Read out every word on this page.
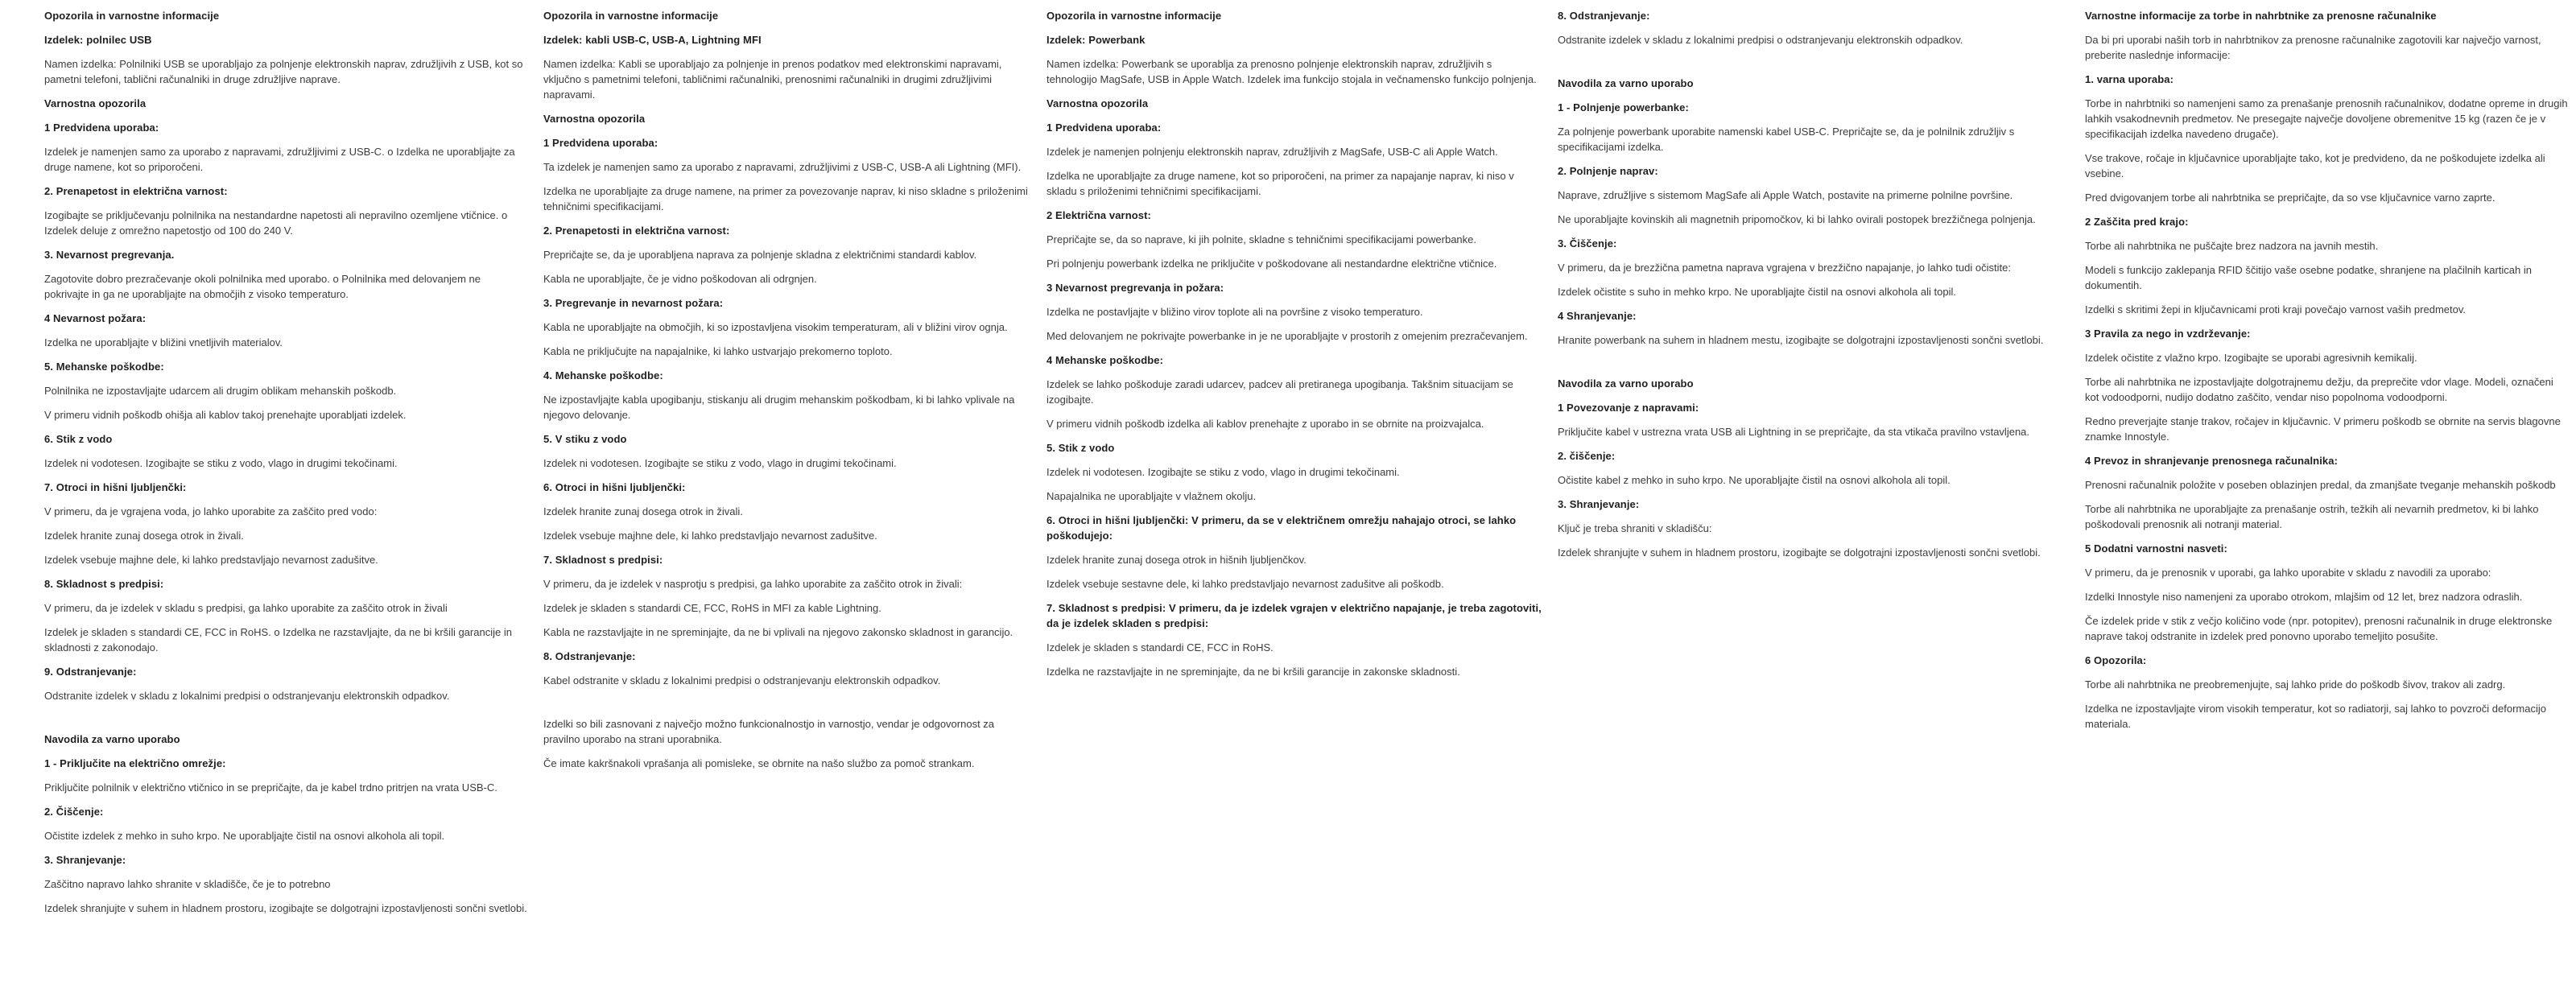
Opozorila in varnostne informacije
Izdelek: polnilec USB
Namen izdelka: Polnilniki USB se uporabljajo za polnjenje elektronskih naprav, združljivih z USB, kot so pametni telefoni, tablični računalniki in druge združljive naprave.
Varnostna opozorila
1 Predvidena uporaba:
Izdelek je namenjen samo za uporabo z napravami, združljivimi z USB-C. o Izdelka ne uporabljajte za druge namene, kot so priporočeni.
2. Prenapetost in električna varnost:
Izogibajte se priključevanju polnilnika na nestandardne napetosti ali nepravilno ozemljene vtičnice. o Izdelek deluje z omrežno napetostjo od 100 do 240 V.
3. Nevarnost pregrevanja.
Zagotovite dobro prezračevanje okoli polnilnika med uporabo. o Polnilnika med delovanjem ne pokrivajte in ga ne uporabljajte na območjih z visoko temperaturo.
4 Nevarnost požara:
Izdelka ne uporabljajte v bližini vnetljivih materialov.
5. Mehanske poškodbe:
Polnilnika ne izpostavljajte udarcem ali drugim oblikam mehanskih poškodb.
V primeru vidnih poškodb ohišja ali kablov takoj prenehajte uporabljati izdelek.
6. Stik z vodo
Izdelek ni vodotesen. Izogibajte se stiku z vodo, vlago in drugimi tekočinami.
7. Otroci in hišni ljubljenčki:
V primeru, da je vgrajena voda, jo lahko uporabite za zaščito pred vodo:
Izdelek hranite zunaj dosega otrok in živali.
Izdelek vsebuje majhne dele, ki lahko predstavljajo nevarnost zadušitve.
8. Skladnost s predpisi:
V primeru, da je izdelek v skladu s predpisi, ga lahko uporabite za zaščito otrok in živali
Izdelek je skladen s standardi CE, FCC in RoHS. o Izdelka ne razstavljajte, da ne bi kršili garancije in skladnosti z zakonodajo.
9. Odstranjevanje:
Odstranite izdelek v skladu z lokalnimi predpisi o odstranjevanju elektronskih odpadkov.
Navodila za varno uporabo
1 - Priključite na električno omrežje:
Priključite polnilnik v električno vtičnico in se prepričajte, da je kabel trdno pritrjen na vrata USB-C.
2. Čiščenje:
Očistite izdelek z mehko in suho krpo. Ne uporabljajte čistil na osnovi alkohola ali topil.
3. Shranjevanje:
Zaščitno napravo lahko shranite v skladišče, če je to potrebno
Izdelek shranjujte v suhem in hladnem prostoru, izogibajte se dolgotrajni izpostavljenosti sončni svetlobi.
Opozorila in varnostne informacije
Izdelek: kabli USB-C, USB-A, Lightning MFI
Namen izdelka: Kabli se uporabljajo za polnjenje in prenos podatkov med elektronskimi napravami, vključno s pametnimi telefoni, tabličnimi računalniki, prenosnimi računalniki in drugimi združljivimi napravami.
Varnostna opozorila
1 Predvidena uporaba:
Ta izdelek je namenjen samo za uporabo z napravami, združljivimi z USB-C, USB-A ali Lightning (MFI).
Izdelka ne uporabljajte za druge namene, na primer za povezovanje naprav, ki niso skladne s priloženimi tehničnimi specifikacijami.
2. Prenapetosti in električna varnost:
Prepričajte se, da je uporabljena naprava za polnjenje skladna z električnimi standardi kablov.
Kabla ne uporabljajte, če je vidno poškodovan ali odrgnjen.
3. Pregrevanje in nevarnost požara:
Kabla ne uporabljajte na območjih, ki so izpostavljena visokim temperaturam, ali v bližini virov ognja.
Kabla ne priključujte na napajalnike, ki lahko ustvarjajo prekomerno toploto.
4. Mehanske poškodbe:
Ne izpostavljajte kabla upogibanju, stiskanju ali drugim mehanskim poškodbam, ki bi lahko vplivale na njegovo delovanje.
5. V stiku z vodo
Izdelek ni vodotesen. Izogibajte se stiku z vodo, vlago in drugimi tekočinami.
6. Otroci in hišni ljubljenčki:
Izdelek hranite zunaj dosega otrok in živali.
Izdelek vsebuje majhne dele, ki lahko predstavljajo nevarnost zadušitve.
7. Skladnost s predpisi:
V primeru, da je izdelek v nasprotju s predpisi, ga lahko uporabite za zaščito otrok in živali:
Izdelek je skladen s standardi CE, FCC, RoHS in MFI za kable Lightning.
Kabla ne razstavljajte in ne spreminjajte, da ne bi vplivali na njegovo zakonsko skladnost in garancijo.
8. Odstranjevanje:
Kabel odstranite v skladu z lokalnimi predpisi o odstranjevanju elektronskih odpadkov.
Izdelki so bili zasnovani z največjo možno funkcionalnostjo in varnostjo, vendar je odgovornost za pravilno uporabo na strani uporabnika.
Če imate kakršnakoli vprašanja ali pomisleke, se obrnite na našo službo za pomoč strankam.
Opozorila in varnostne informacije
Izdelek: Powerbank
Namen izdelka: Powerbank se uporablja za prenosno polnjenje elektronskih naprav, združljivih s tehnologijo MagSafe, USB in Apple Watch. Izdelek ima funkcijo stojala in večnamensko funkcijo polnjenja.
Varnostna opozorila
1 Predvidena uporaba:
Izdelek je namenjen polnjenju elektronskih naprav, združljivih z MagSafe, USB-C ali Apple Watch.
Izdelka ne uporabljajte za druge namene, kot so priporočeni, na primer za napajanje naprav, ki niso v skladu s priloženimi tehničnimi specifikacijami.
2 Električna varnost:
Prepričajte se, da so naprave, ki jih polnite, skladne s tehničnimi specifikacijami powerbanke.
Pri polnjenju powerbank izdelka ne priključite v poškodovane ali nestandardne električne vtičnice.
3 Nevarnost pregrevanja in požara:
Izdelka ne postavljajte v bližino virov toplote ali na površine z visoko temperaturo.
Med delovanjem ne pokrivajte powerbanke in je ne uporabljajte v prostorih z omejenim prezračevanjem.
4 Mehanske poškodbe:
Izdelek se lahko poškoduje zaradi udarcev, padcev ali pretiranega upogibanja. Takšnim situacijam se izogibajte.
V primeru vidnih poškodb izdelka ali kablov prenehajte z uporabo in se obrnite na proizvajalca.
5. Stik z vodo
Izdelek ni vodotesen. Izogibajte se stiku z vodo, vlago in drugimi tekočinami.
Napajalnika ne uporabljajte v vlažnem okolju.
6. Otroci in hišni ljubljenčki: V primeru, da se v električnem omrežju nahajajo otroci, se lahko poškodujejo:
Izdelek hranite zunaj dosega otrok in hišnih ljubljenčkov.
Izdelek vsebuje sestavne dele, ki lahko predstavljajo nevarnost zadušitve ali poškodb.
7. Skladnost s predpisi: V primeru, da je izdelek vgrajen v električno napajanje, je treba zagotoviti, da je izdelek skladen s predpisi:
Izdelek je skladen s standardi CE, FCC in RoHS.
Izdelka ne razstavljajte in ne spreminjajte, da ne bi kršili garancije in zakonske skladnosti.
8. Odstranjevanje:
Odstranite izdelek v skladu z lokalnimi predpisi o odstranjevanju elektronskih odpadkov.
Navodila za varno uporabo
1 - Polnjenje powerbanke:
Za polnjenje powerbank uporabite namenski kabel USB-C. Prepričajte se, da je polnilnik združljiv s specifikacijami izdelka.
2. Polnjenje naprav:
Naprave, združljive s sistemom MagSafe ali Apple Watch, postavite na primerne polnilne površine.
Ne uporabljajte kovinskih ali magnetnih pripomočkov, ki bi lahko ovirali postopek brezžičnega polnjenja.
3. Čiščenje:
V primeru, da je brezžična pametna naprava vgrajena v brezžično napajanje, jo lahko tudi očistite:
Izdelek očistite s suho in mehko krpo. Ne uporabljajte čistil na osnovi alkohola ali topil.
4 Shranjevanje:
Hranite powerbank na suhem in hladnem mestu, izogibajte se dolgotrajni izpostavljenosti sončni svetlobi.
Navodila za varno uporabo
1 Povezovanje z napravami:
Priključite kabel v ustrezna vrata USB ali Lightning in se prepričajte, da sta vtikača pravilno vstavljena.
2. čiščenje:
Očistite kabel z mehko in suho krpo. Ne uporabljajte čistil na osnovi alkohola ali topil.
3. Shranjevanje:
Ključ je treba shraniti v skladišču:
Izdelek shranjujte v suhem in hladnem prostoru, izogibajte se dolgotrajni izpostavljenosti sončni svetlobi.
Varnostne informacije za torbe in nahrbtnike za prenosne računalnike
Da bi pri uporabi naših torb in nahrbtnikov za prenosne računalnike zagotovili kar največjo varnost, preberite naslednje informacije:
1. varna uporaba:
Torbe in nahrbtniki so namenjeni samo za prenašanje prenosnih računalnikov, dodatne opreme in drugih lahkih vsakodnevnih predmetov. Ne presegajte največje dovoljene obremenitve 15 kg (razen če je v specifikacijah izdelka navedeno drugače).
Vse trakove, ročaje in ključavnice uporabljajte tako, kot je predvideno, da ne poškodujete izdelka ali vsebine.
Pred dvigovanjem torbe ali nahrbtnika se prepričajte, da so vse ključavnice varno zaprte.
2 Zaščita pred krajo:
Torbe ali nahrbtnika ne puščajte brez nadzora na javnih mestih.
Modeli s funkcijo zaklepanja RFID ščitijo vaše osebne podatke, shranjene na plačilnih karticah in dokumentih.
Izdelki s skritimi žepi in ključavnicami proti kraji povečajo varnost vaših predmetov.
3 Pravila za nego in vzdrževanje:
Izdelek očistite z vlažno krpo. Izogibajte se uporabi agresivnih kemikalij.
Torbe ali nahrbtnika ne izpostavljajte dolgotrajnemu dežju, da preprečite vdor vlage. Modeli, označeni kot vodoodporni, nudijo dodatno zaščito, vendar niso popolnoma vodoodporni.
Redno preverjajte stanje trakov, ročajev in ključavnic. V primeru poškodb se obrnite na servis blagovne znamke Innostyle.
4 Prevoz in shranjevanje prenosnega računalnika:
Prenosni računalnik položite v poseben oblazinjen predal, da zmanjšate tveganje mehanskih poškodb
Torbe ali nahrbtnika ne uporabljajte za prenašanje ostrih, težkih ali nevarnih predmetov, ki bi lahko poškodovali prenosnik ali notranji material.
5 Dodatni varnostni nasveti:
V primeru, da je prenosnik v uporabi, ga lahko uporabite v skladu z navodili za uporabo:
Izdelki Innostyle niso namenjeni za uporabo otrokom, mlajšim od 12 let, brez nadzora odraslih.
Če izdelek pride v stik z večjo količino vode (npr. potopitev), prenosni računalnik in druge elektronske naprave takoj odstranite in izdelek pred ponovno uporabo temeljito posušite.
6 Opozorila:
Torbe ali nahrbtnika ne preobremenjujte, saj lahko pride do poškodb šivov, trakov ali zadrg.
Izdelka ne izpostavljajte virom visokih temperatur, kot so radiatorji, saj lahko to povzroči deformacijo materiala.
